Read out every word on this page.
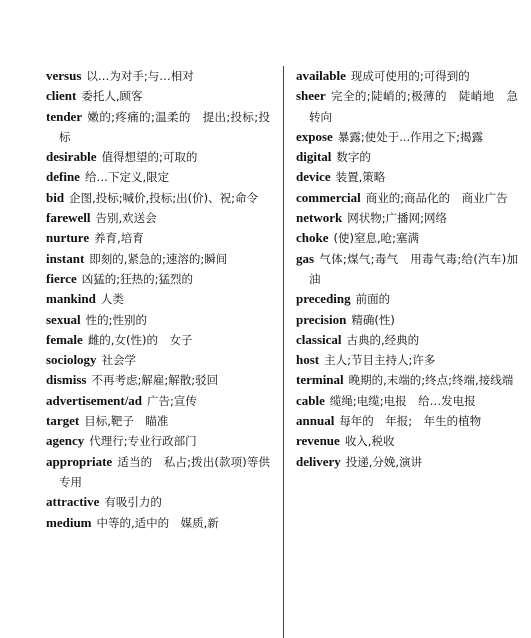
versus 以…为对手;与…相对
client 委托人,顾客
tender 嫩的;疼痛的;温柔的　提出;投标;投标
desirable 值得想望的;可取的
define 给…下定义,限定
bid 企图,投标;喊价,投标;出(价)、祝;命令
farewell 告别,欢送会
nurture 养育,培育
instant 即刻的,紧急的;速溶的;瞬间
fierce 凶猛的;狂热的;猛烈的
mankind 人类
sexual 性的;性别的
female 雌的,女(性)的　女子
sociology 社会学
dismiss 不再考虑;解雇;解散;驳回
advertisement/ad 广告;宣传
target 目标,靶子　瞄准
agency 代理行;专业行政部门
appropriate 适当的　私占;拨出(款项)等供专用
attractive 有吸引力的
medium 中等的,适中的　媒质,新
available 现成可使用的;可得到的
sheer 完全的;陡峭的;极薄的　陡峭地　急转向
expose 暴露;使处于...作用之下;揭露
digital 数字的
device 装置,策略
commercial 商业的;商品化的　商业广告
network 网状物;广播网;网络
choke (使)窒息,呛;塞满
gas 气体;煤气;毒气　用毒气毒;给(汽车)加油
preceding 前面的
precision 精确(性)
classical 古典的,经典的
host 主人;节目主持人;许多
terminal 晚期的,末端的;终点;终端,接线端
cable 缆绳;电缆;电报　给…发电报
annual 每年的　年报;　年生的植物
revenue 收入,税收
delivery 投递,分娩,演讲
